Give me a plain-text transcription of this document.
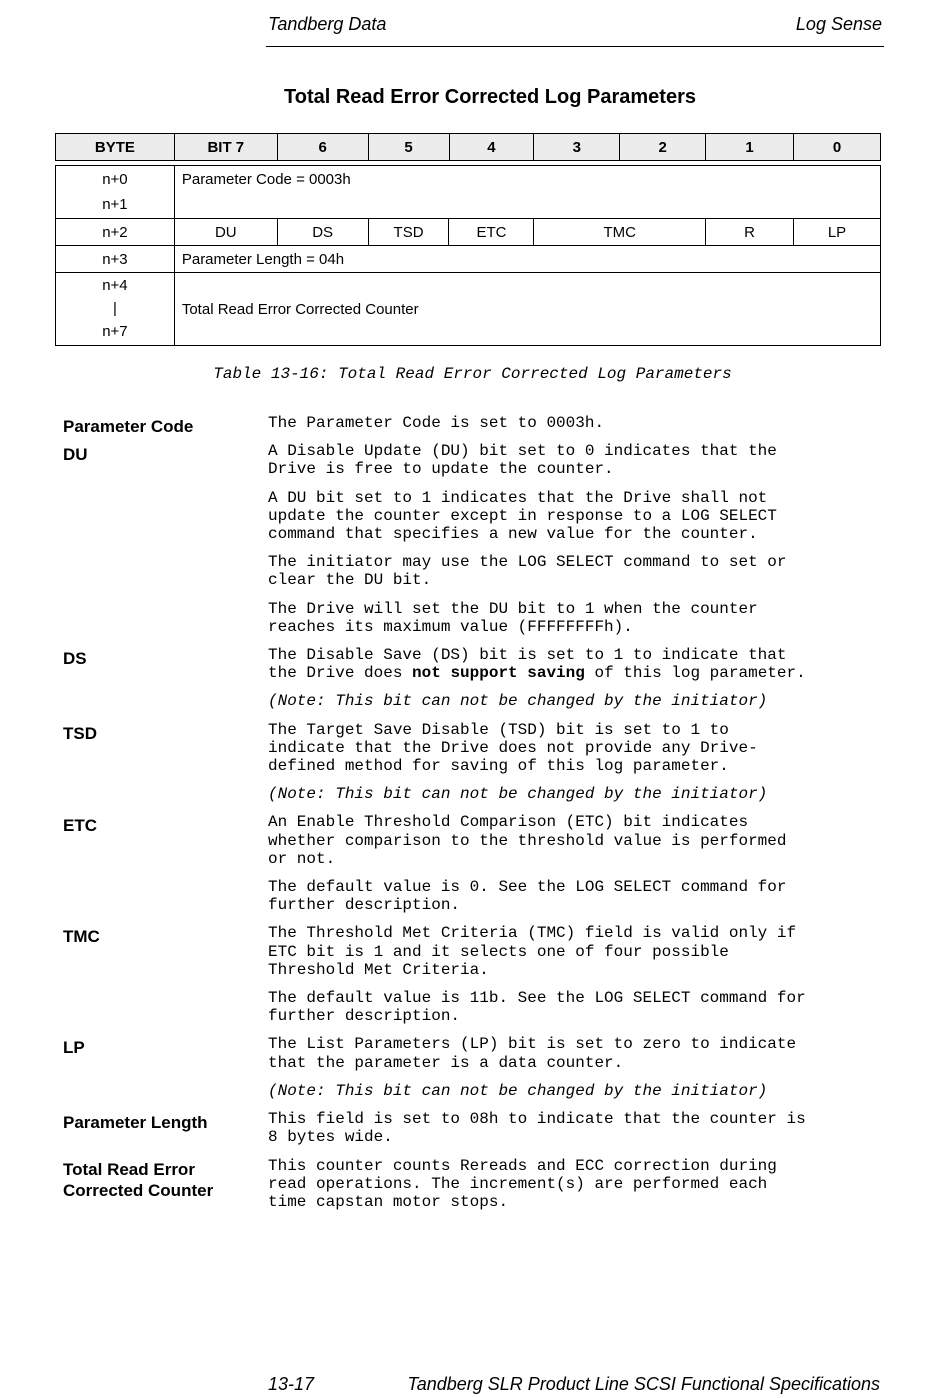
Tandberg Data	Log Sense
Total Read Error Corrected Log Parameters
BYTE	BIT 7	6	5	4	3	2	1	0
n+0
n+1	Parameter Code = 0003h						
n+2	DU	DS	TSD	ETC	TMC	R	LP
n+3	Parameter Length = 04h						

n+4
|
n+7	Total Read Error Corrected Counter						
Table 13-16: Total Read Error Corrected Log Parameters
Parameter Code	The Parameter Code is set to 0003h.

DU	A Disable Update (DU) bit set to 0 indicates that the
Drive is free to update the counter.

A DU bit set to 1 indicates that the Drive shall not
update the counter except in response to a LOG SELECT
command that specifies a new value for the counter.

The initiator may use the LOG SELECT command to set or
clear the DU bit.

The Drive will set the DU bit to 1 when the counter
reaches its maximum value (FFFFFFFFh).

DS	The Disable Save (DS) bit is set to 1 to indicate that
the Drive does not support saving of this log parameter.

(Note: This bit can not be changed by the initiator)

TSD	The Target Save Disable (TSD) bit is set to 1 to
indicate that the Drive does not provide any Drive-
defined method for saving of this log parameter.

(Note: This bit can not be changed by the initiator)

ETC	An Enable Threshold Comparison (ETC) bit indicates
whether comparison to the threshold value is performed
or not.

The default value is 0. See the LOG SELECT command for
further description.

TMC	The Threshold Met Criteria (TMC) field is valid only if
ETC bit is 1 and it selects one of four possible
Threshold Met Criteria.

The default value is 11b. See the LOG SELECT command for
further description.

LP	The List Parameters (LP) bit is set to zero to indicate
that the parameter is a data counter.

(Note: This bit can not be changed by the initiator)

Parameter Length	This field is set to 08h to indicate that the counter is
8 bytes wide.

Total Read Error
Corrected Counter

This counter counts Rereads and ECC correction during
read operations. The increment(s) are performed each
time capstan motor stops.

13-17	Tandberg SLR Product Line SCSI Functional Specifications
